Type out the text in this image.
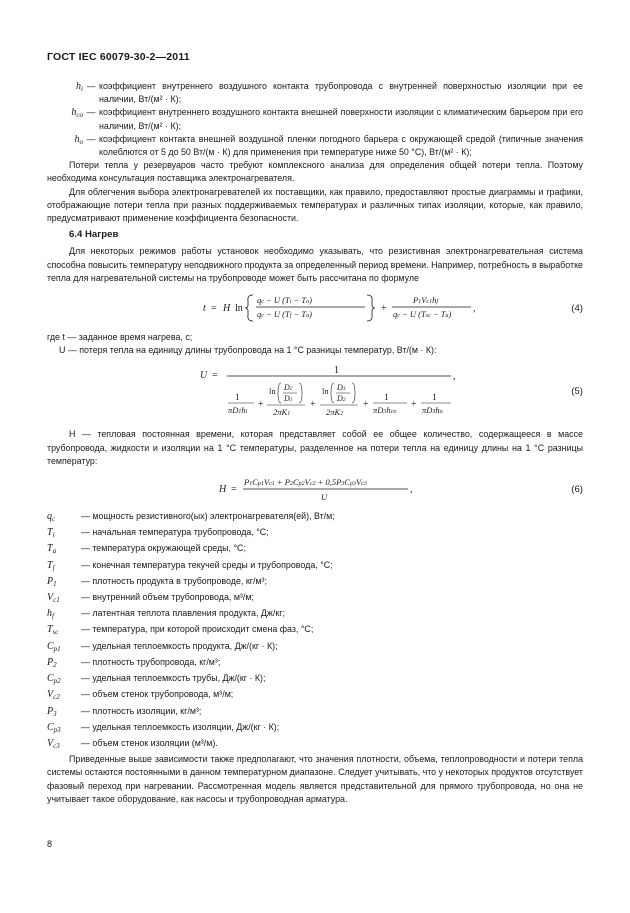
ГОСТ IEC 60079-30-2—2011
$h_i$ — коэффициент внутреннего воздушного контакта трубопровода с внутренней поверхностью изоляции при ее наличии, Вт/(м² · К);
$h_{co}$ — коэффициент внутреннего воздушного контакта внешней поверхности изоляции с климатическим барьером при его наличии, Вт/(м² · К);
$h_o$ — коэффициент контакта внешней воздушной пленки погодного барьера с окружающей средой (типичные значения колеблются от 5 до 50 Вт/(м · К) для применения при температуре ниже 50 °С), Вт/(м² · К);

Потери тепла у резервуаров часто требуют комплексного анализа для определения общей потери тепла. Поэтому необходима консультация поставщика электронагревателя.

Для облегчения выбора электронагревателей их поставщики, как правило, предоставляют простые диаграммы и графики, отображающие потери тепла при разных поддерживаемых температурах и различных типах изоляции, которые, как правило, предусматривают применение коэффициента безопасности.

6.4 Нагрев

Для некоторых режимов работы установок необходимо указывать, что резистивная электронагревательная система способна повысить температуру неподвижного продукта за определенный период времени. Например, потребность в выработке тепла для нагревательной системы на трубопроводе может быть рассчитана по формуле

t = H ln
qc − U (Ti − Ta)
qc − U (Tf − Ta)	+
P1Vc1hf
qc − U (Tsc − Ta) ,	(4)

где t — заданное время нагрева, с;

U — потеря тепла на единицу длины трубопровода на 1 °С разницы температур, Вт/(м · К):

U =	1
,
1
πD1hi
+
ln D2
D1
2πK1
+
ln D3
D2
2πK2
+
1
πD3hco
+
1
πD3ho
(5)

H — тепловая постоянная времени, которая представляет собой ее общее количество, содержащееся в массе трубопровода, жидкости и изоляции на 1 °С температуры, разделенное на потери тепла на единицу длины на 1 °С разницы температур:

H =
P1Cp1Vc1 + P2Cp2Vc2 + 0,5P3Cp3Vc3
U
,	(6)
$q_c$	— мощность резистивного(ых) электронагревателя(ей), Вт/м;
$T_i$	— начальная температура трубопровода, °С;
$T_a$	— температура окружающей среды, °С;
$T_f$	— конечная температура текучей среды и трубопровода, °С;
$P_1$	— плотность продукта в трубопроводе, кг/м³;
$V_{c1}$	— внутренний объем трубопровода, м³/м;
$h_f$	— латентная теплота плавления продукта, Дж/кг;
$T_{sc}$	— температура, при которой происходит смена фаз, °С;
$C_{p1}$	— удельная теплоемкость продукта, Дж/(кг · К);
$P_2$	— плотность трубопровода, кг/м³;
$C_{p2}$	— удельная теплоемкость трубы, Дж/(кг · К);
$V_{c2}$	— объем стенок трубопровода, м³/м;
$P_3$	— плотность изоляции, кг/м³;
$C_{p3}$	— удельная теплоемкость изоляции, Дж/(кг · К);
$V_{c3}$	— объем стенок изоляции (м³/м).

Приведенные выше зависимости также предполагают, что значения плотности, объема, теплопроводности и потери тепла системы остаются постоянными в данном температурном диапазоне. Следует учитывать, что у некоторых продуктов отсутствует фазовый переход при нагревании. Рассмотренная модель является представительной для прямого трубопровода, но она не учитывает такое оборудование, как насосы и трубопроводная арматура.

8
